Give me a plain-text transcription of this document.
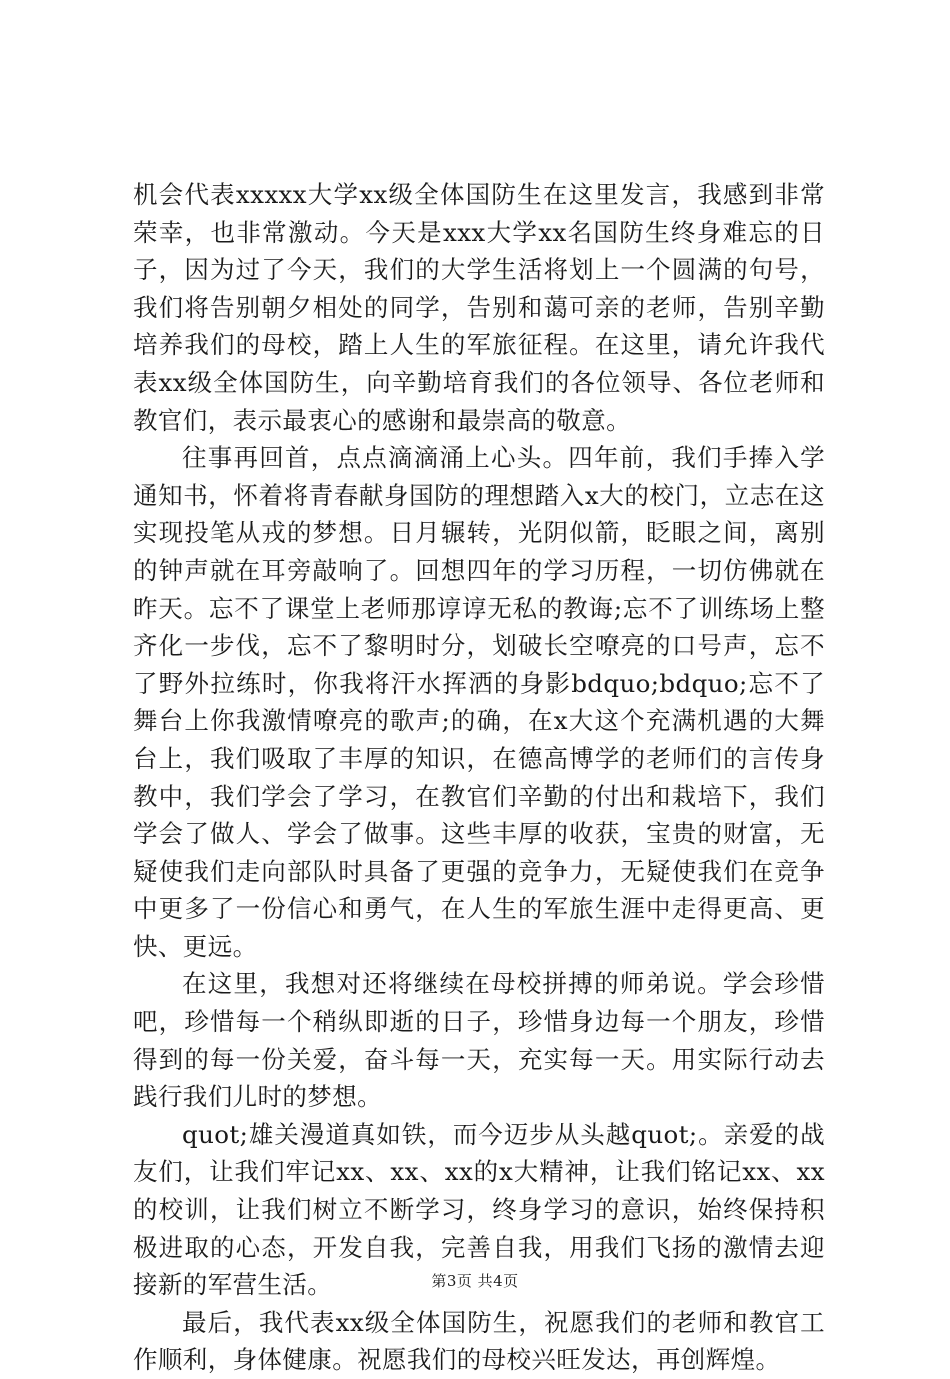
机会代表xxxxx大学xx级全体国防生在这里发言，我感到非常荣幸，也非常激动。今天是xxx大学xx名国防生终身难忘的日子，因为过了今天，我们的大学生活将划上一个圆满的句号，我们将告别朝夕相处的同学，告别和蔼可亲的老师，告别辛勤培养我们的母校，踏上人生的军旅征程。在这里，请允许我代表xx级全体国防生，向辛勤培育我们的各位领导、各位老师和教官们，表示最衷心的感谢和最崇高的敬意。

往事再回首，点点滴滴涌上心头。四年前，我们手捧入学通知书，怀着将青春献身国防的理想踏入x大的校门，立志在这实现投笔从戎的梦想。日月辗转，光阴似箭，眨眼之间，离别的钟声就在耳旁敲响了。回想四年的学习历程，一切仿佛就在昨天。忘不了课堂上老师那谆谆无私的教诲;忘不了训练场上整齐化一步伐，忘不了黎明时分，划破长空嘹亮的口号声，忘不了野外拉练时，你我将汗水挥洒的身影bdquo;bdquo;忘不了舞台上你我激情嘹亮的歌声;的确，在x大这个充满机遇的大舞台上，我们吸取了丰厚的知识，在德高博学的老师们的言传身教中，我们学会了学习，在教官们辛勤的付出和栽培下，我们学会了做人、学会了做事。这些丰厚的收获，宝贵的财富，无疑使我们走向部队时具备了更强的竞争力，无疑使我们在竞争中更多了一份信心和勇气，在人生的军旅生涯中走得更高、更快、更远。

在这里，我想对还将继续在母校拼搏的师弟说。学会珍惜吧，珍惜每一个稍纵即逝的日子，珍惜身边每一个朋友，珍惜得到的每一份关爱，奋斗每一天，充实每一天。用实际行动去践行我们儿时的梦想。

quot;雄关漫道真如铁，而今迈步从头越quot;。亲爱的战友们，让我们牢记xx、xx、xx的x大精神，让我们铭记xx、xx的校训，让我们树立不断学习，终身学习的意识，始终保持积极进取的心态，开发自我，完善自我，用我们飞扬的激情去迎接新的军营生活。

最后，我代表xx级全体国防生，祝愿我们的老师和教官工作顺利，身体健康。祝愿我们的母校兴旺发达，再创辉煌。

第3页 共4页
